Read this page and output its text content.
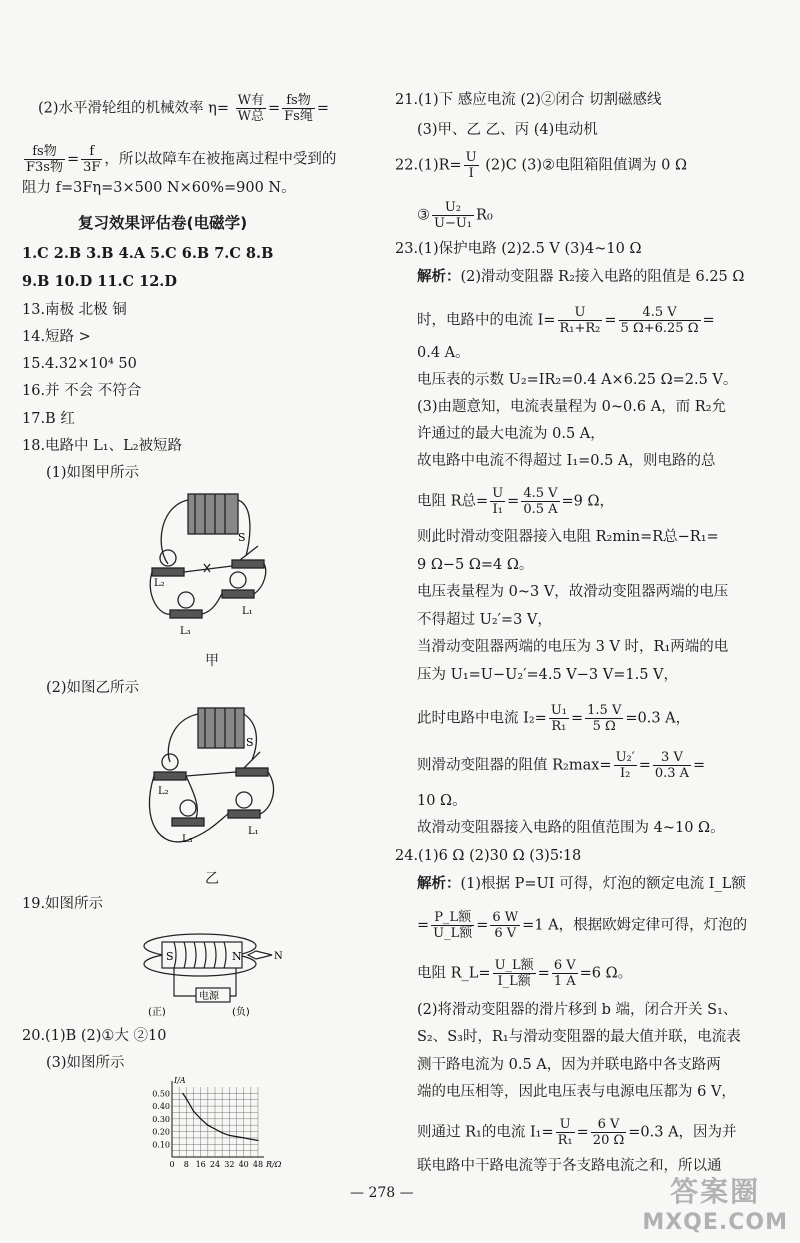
(2)水平滑轮组的机械效率 $\eta= \frac{\text{W有}}{\text{W总}} = \frac{\text{fs物}}{\text{Fs绳}}$ =
$\frac{\text{fs物}}{\text{F3s物}} = \frac{f}{3F}$ ，所以故障车在被拖离过程中受到的
阻力 f=3Fη=3×500 N×60%=900 N。
复习效果评估卷(电磁学)
1.C 2.B 3.B 4.A 5.C 6.B 7.C 8.B
9.B 10.D 11.C 12.D
13.南极 北极 铜
14.短路 >
15.4.32×10⁴ 50
16.并 不会 不符合
17.B 红
18.电路中 L₁、L₂被短路
(1)如图甲所示
S
L₂
L₁
L₃
甲
(2)如图乙所示
S
L₂
L₁
L₃
乙
19.如图所示
S	N	N
电源
(正)	(负)
20.(1)B (2)①大 ②10
(3)如图所示
0.10
0.20
0.30
0.40
0.50
0 8 16 24 32 40 48 R/Ω
I/A
21.(1)下 感应电流 (2)②闭合 切割磁感线
(3)甲、乙 乙、丙 (4)电动机
$22.(1)R= \frac{U}{I} (2)C$ (3)②电阻箱阻值调为 0 Ω
③ $\frac{\text{U₂}}{\text{U−U₁}} R_0$
23.(1)保护电路 (2)2.5 V (3)4~10 Ω
解析：(2)滑动变阻器 R₂接入电路的阻值是 6.25 Ω
时，电路中的电流 $I= \frac{U}{\text{R₁+R₂}} = \frac{4.5 V}{5 \Omega+6.25 \Omega}$ =
0.4 A。
电压表的示数 U₂=IR₂=0.4 A×6.25 Ω=2.5 V。
(3)由题意知，电流表量程为 0~0.6 A，而 R₂允
许通过的最大电流为 0.5 A，
故电路中电流不得超过 I₁=0.5 A，则电路的总
电阻 R总= $\frac{U}{\text{I₁}} = \frac{4.5 V}{0.5 A} =9$ Ω，
则此时滑动变阻器接入电阻 R₂min=R总−R₁=
9 Ω−5 Ω=4 Ω。
电压表量程为 0~3 V，故滑动变阻器两端的电压
不得超过 U₂′=3 V，
当滑动变阻器两端的电压为 3 V 时，R₁两端的电
压为 U₁=U−U₂′=4.5 V−3 V=1.5 V，
此时电路中电流 $I_2= \frac{\text{U₁}}{\text{R₁}} = \frac{1.5 V}{5 \Omega} =0.3$ A，
则滑动变阻器的阻值 $R_2\max= \frac{\text{U₂′}}{\text{I₂}} = \frac{3 V}{0.3 A}$ =
10 Ω。
故滑动变阻器接入电路的阻值范围为 4~10 Ω。
24.(1)6 Ω (2)30 Ω (3)5∶18
解析：(1)根据 P=UI 可得，灯泡的额定电流 I_L额
= $\frac{\text{P\_L额}}{\text{U\_L额}} = \frac{6 W}{6 V} =1$ A，根据欧姆定律可得，灯泡的
电阻 R_L= $\frac{\text{U\_L额}}{\text{I\_L额}} = \frac{6 V}{1 A} =6$ Ω。
(2)将滑动变阻器的滑片移到 b 端，闭合开关 S₁、
S₂、S₃时，R₁与滑动变阻器的最大值并联，电流表
测干路电流为 0.5 A，因为并联电路中各支路两
端的电压相等，因此电压表与电源电压都为 6 V，
则通过 R₁的电流 $I_1= \frac{U}{\text{R₁}} = \frac{6 V}{20 \Omega} =0.3$ A，因为并
联电路中干路电流等于各支路电流之和，所以通
— 278 —	答案圈
MXQE.COM
